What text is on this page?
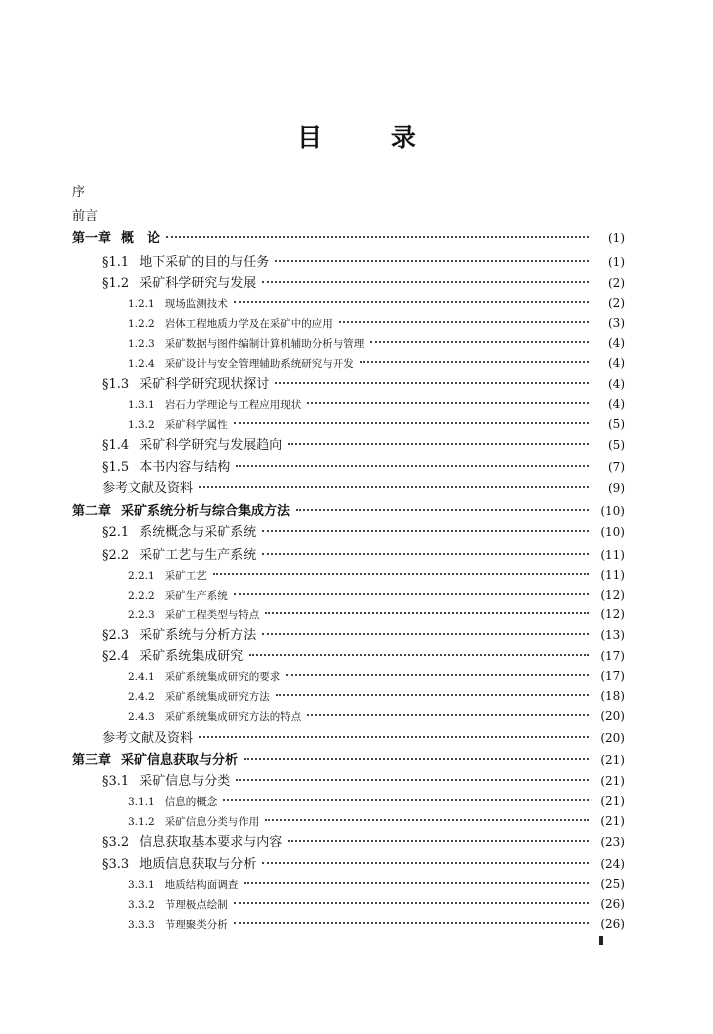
目 录
序
前言
第一章 概　论	(1)
§1.1 地下采矿的目的与任务	(1)
§1.2 采矿科学研究与发展	(2)
1.2.1 现场监测技术	(2)
1.2.2 岩体工程地质力学及在采矿中的应用	(3)
1.2.3 采矿数据与图件编制计算机辅助分析与管理	(4)
1.2.4 采矿设计与安全管理辅助系统研究与开发	(4)
§1.3 采矿科学研究现状探讨	(4)
1.3.1 岩石力学理论与工程应用现状	(4)
1.3.2 采矿科学属性	(5)
§1.4 采矿科学研究与发展趋向	(5)
§1.5 本书内容与结构	(7)
参考文献及资料	(9)
第二章 采矿系统分析与综合集成方法	(10)
§2.1 系统概念与采矿系统	(10)
§2.2 采矿工艺与生产系统	(11)
2.2.1 采矿工艺	(11)
2.2.2 采矿生产系统	(12)
2.2.3 采矿工程类型与特点	(12)
§2.3 采矿系统与分析方法	(13)
§2.4 采矿系统集成研究	(17)
2.4.1 采矿系统集成研究的要求	(17)
2.4.2 采矿系统集成研究方法	(18)
2.4.3 采矿系统集成研究方法的特点	(20)
参考文献及资料	(20)
第三章 采矿信息获取与分析	(21)
§3.1 采矿信息与分类	(21)
3.1.1 信息的概念	(21)
3.1.2 采矿信息分类与作用	(21)
§3.2 信息获取基本要求与内容	(23)
§3.3 地质信息获取与分析	(24)
3.3.1 地质结构面调查	(25)
3.3.2 节理极点绘制	(26)
3.3.3 节理聚类分析	(26)
